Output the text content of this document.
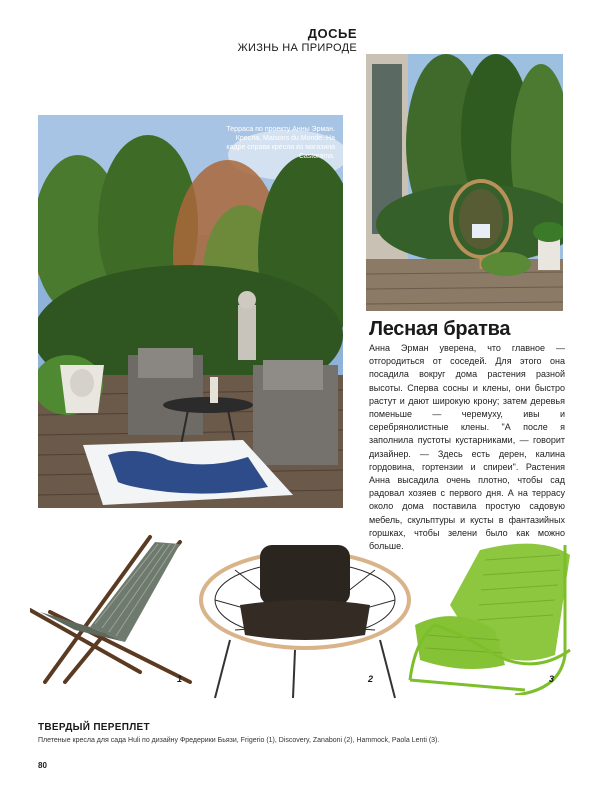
ДОСЬЕ
ЖИЗНЬ НА ПРИРОДЕ
Терраса по проекту Анны Эрман. Кресла, Maisons du Monde. На кадре справа кресла из магазина Castorama.
Лесная братва
Анна Эрман уверена, что главное — отгородиться от соседей. Для этого она посадила вокруг дома растения разной высоты. Сперва сосны и клены, они быстро растут и дают широкую крону; затем деревья поменьше — черемуху, ивы и серебрянолистные клены. "А после я заполнила пустоты кустарниками, — говорит дизайнер. — Здесь есть дерен, калина гордовина, гортензии и спиреи". Растения Анна высадила очень плотно, чтобы сад радовал хозяев с первого дня. А на террасу около дома поставила простую садовую мебель, скульптуры и кусты в фантазийных горшках, чтобы зелени было как можно больше.
1	2	3
ТВЕРДЫЙ ПЕРЕПЛЕТ
Плетеные кресла для сада Huli по дизайну Фредерики Бьязи, Frigerio (1), Discovery, Zanaboni (2), Hammock, Paola Lenti (3).
80
